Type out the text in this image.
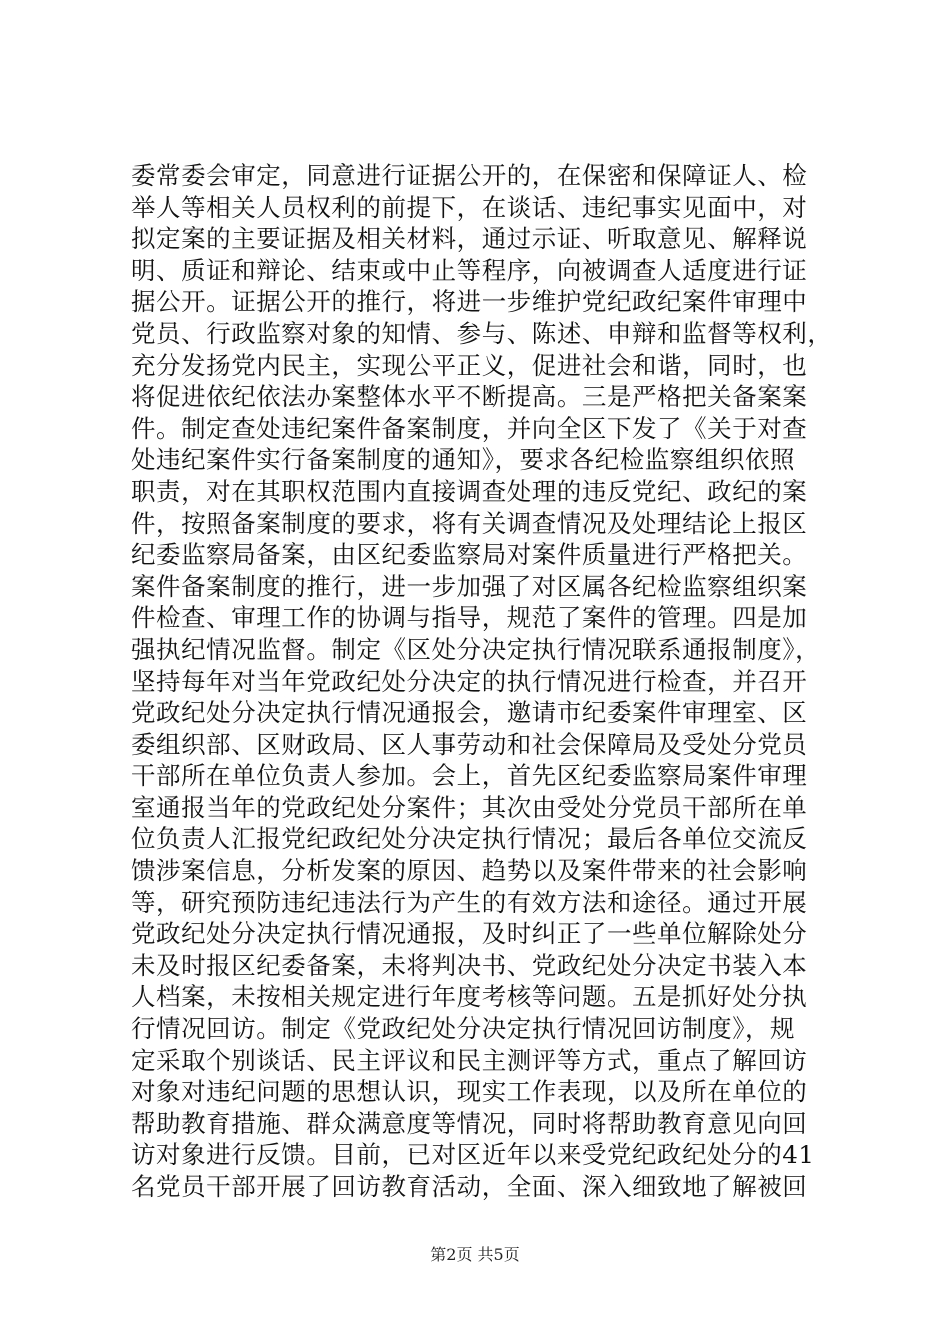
委常委会审定，同意进行证据公开的，在保密和保障证人、检
举人等相关人员权利的前提下，在谈话、违纪事实见面中，对
拟定案的主要证据及相关材料，通过示证、听取意见、解释说
明、质证和辩论、结束或中止等程序，向被调查人适度进行证
据公开。证据公开的推行，将进一步维护党纪政纪案件审理中
党员、行政监察对象的知情、参与、陈述、申辩和监督等权利，
充分发扬党内民主，实现公平正义，促进社会和谐，同时，也
将促进依纪依法办案整体水平不断提高。三是严格把关备案案
件。制定查处违纪案件备案制度，并向全区下发了《关于对查
处违纪案件实行备案制度的通知》，要求各纪检监察组织依照
职责，对在其职权范围内直接调查处理的违反党纪、政纪的案
件，按照备案制度的要求，将有关调查情况及处理结论上报区
纪委监察局备案，由区纪委监察局对案件质量进行严格把关。
案件备案制度的推行，进一步加强了对区属各纪检监察组织案
件检查、审理工作的协调与指导，规范了案件的管理。四是加
强执纪情况监督。制定《区处分决定执行情况联系通报制度》，
坚持每年对当年党政纪处分决定的执行情况进行检查，并召开
党政纪处分决定执行情况通报会，邀请市纪委案件审理室、区
委组织部、区财政局、区人事劳动和社会保障局及受处分党员
干部所在单位负责人参加。会上，首先区纪委监察局案件审理
室通报当年的党政纪处分案件；其次由受处分党员干部所在单
位负责人汇报党纪政纪处分决定执行情况；最后各单位交流反
馈涉案信息，分析发案的原因、趋势以及案件带来的社会影响
等，研究预防违纪违法行为产生的有效方法和途径。通过开展
党政纪处分决定执行情况通报，及时纠正了一些单位解除处分
未及时报区纪委备案，未将判决书、党政纪处分决定书装入本
人档案，未按相关规定进行年度考核等问题。五是抓好处分执
行情况回访。制定《党政纪处分决定执行情况回访制度》，规
定采取个别谈话、民主评议和民主测评等方式，重点了解回访
对象对违纪问题的思想认识，现实工作表现，以及所在单位的
帮助教育措施、群众满意度等情况，同时将帮助教育意见向回
访对象进行反馈。目前，已对区近年以来受党纪政纪处分的41
名党员干部开展了回访教育活动，全面、深入细致地了解被回
第2页 共5页
